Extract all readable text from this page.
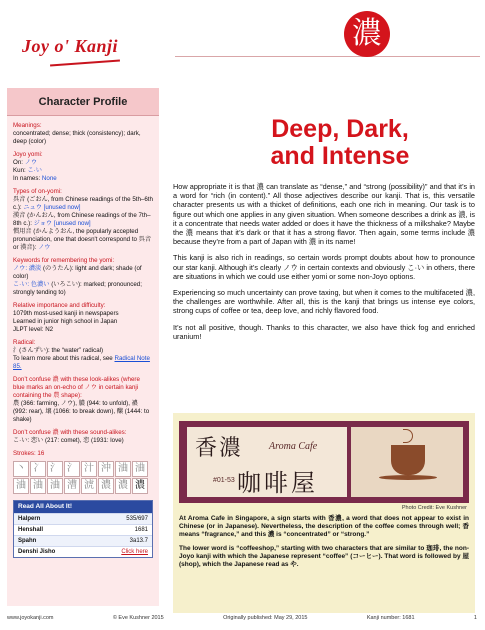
Joy o' Kanji	濃
Character Profile
Meanings:
concentrated; dense; thick (consistency); dark, deep (color)
Joyo yomi:
On: ノウ
Kun: こ·い
In names: None
Types of on-yomi:
呉音 (ごおん, from Chinese readings of the 5th–6th c.): ニュウ [unused now]
漢音 (かんおん, from Chinese readings of the 7th–8th c.): ジョウ [unused now]
慣用音 (かんようおん, the popularly accepted pronunciation, one that doesn't correspond to 呉音 or 漢音): ノウ
Keywords for remembering the yomi:
ノウ: 濃淡 (のうたん): light and dark; shade (of color)
こ·い: 色濃い (いろこい): marked; pronounced; strongly tending to)
Relative importance and difficulty:
1079th most-used kanji in newspapers
Learned in junior high school in Japan
JLPT level: N2
Radical:
氵(さんずい): the “water” radical)
To learn more about this radical, see Radical Note 85.
Don’t confuse 濃 with these look-alikes (where blue marks an on-echo of ノウ in certain kanji containing the 農 shape):
農 (366: farming, ノウ), 膿 (944: to unfold), 襛 (992: rear), 壌 (1066: to break down), 醸 (1444: to shake)
Don’t confuse 濃 with these sound-alikes:
こ·い: 恋い (217: comet), 恋 (1931: love)
Strokes: 16
丶 冫 氵 氵 汁 沖 浀 浀
浀 浀 浀 漕 淲 濃 濃 濃
Read All About It!
Halpern	535/697
Henshall	1681
Spahn	3a13.7
Denshi Jisho	Click here
Deep, Dark,
and Intense

How appropriate it is that 濃 can translate as “dense,” and “strong (possibility)” and that it’s in a word for “rich (in content).” All those adjectives describe our kanji. That is, this versatile character presents us with a thicket of definitions, each one rich in meaning. Our task is to figure out which one applies in any given situation. When someone describes a drink as 濃, is it a concentrate that needs water added or does it have the thickness of a milkshake? Maybe the 濃 means that it’s dark or that it has a strong flavor. Then again, some terms include 濃 because they’re from a part of Japan with 濃 in its name!

This kanji is also rich in readings, so certain words prompt doubts about how to pronounce our star kanji. Although it’s clearly ノウ in certain contexts and obviously こ·い in others, there are situations in which we could use either yomi or some non-Joyo options.

Experiencing so much uncertainty can prove taxing, but when it comes to the multifaceted 濃, the challenges are worthwhile. After all, this is the kanji that brings us intense eye colors, strong cups of coffee or tea, deep love, and richly flavored food.

It’s not all positive, though. Thanks to this character, we also have thick fog and enriched uranium!

香濃	Aroma Cafe
#01-53 咖啡屋
Photo Credit: Eve Kushner

At Aroma Cafe in Singapore, a sign starts with 香濃, a word that does not appear to exist in Chinese (or in Japanese). Nevertheless, the description of the coffee comes through well; 香 means “fragrance,” and this 濃 is “concentrated” or “strong.”

The lower word is “coffeeshop,” starting with two characters that are similar to 珈琲, the non-Joyo kanji with which the Japanese represent “coffee” (コーヒー). That word is followed by 屋 (shop), which the Japanese read as や.

www.joyokanji.com	© Eve Kushner 2015	Originally published: May 29, 2015	Kanji number: 1681	1
